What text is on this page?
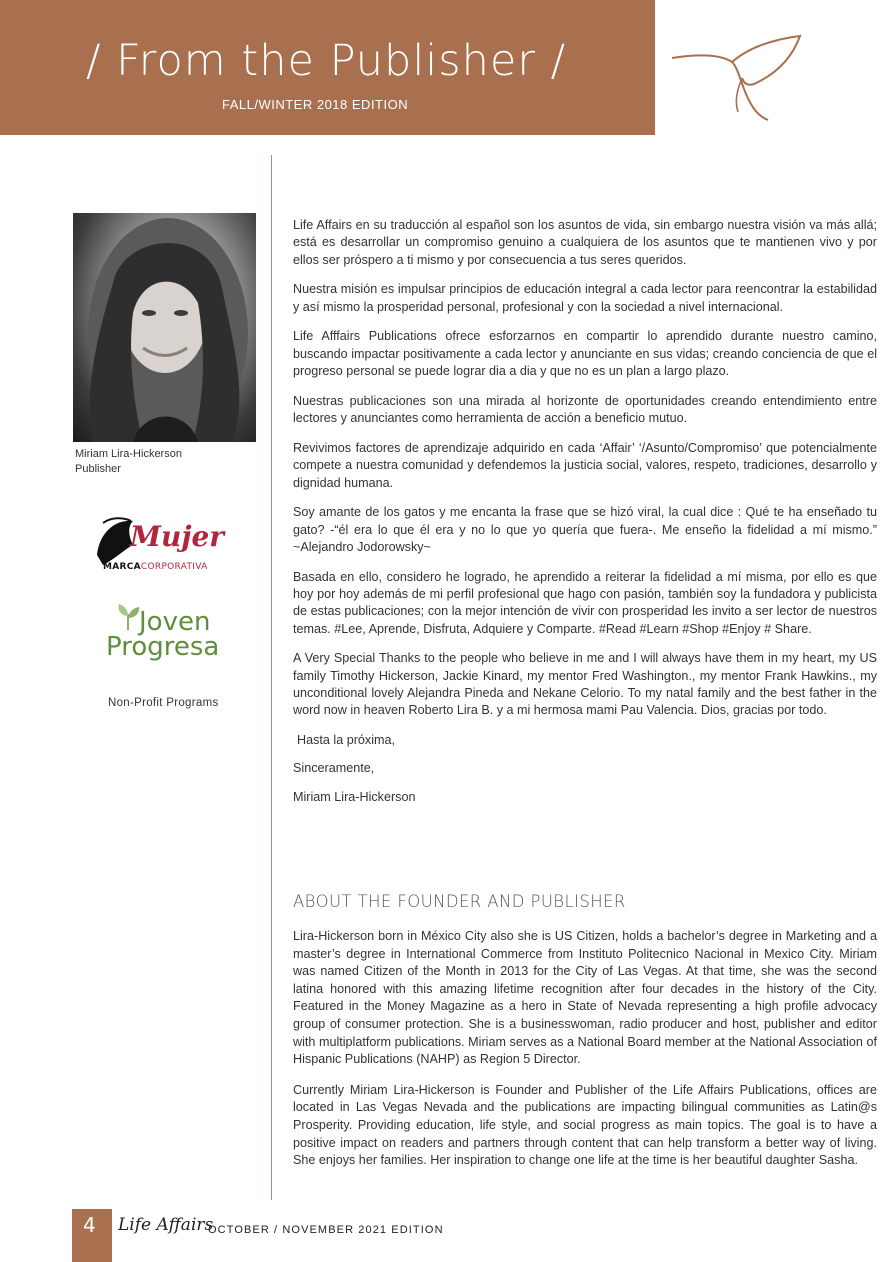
/ From the Publisher /
FALL/WINTER 2018 EDITION
Miriam Lira-Hickerson
Publisher
Mujer
MARCACORPORATIVA
Joven
Progresa
Non-Profit Programs

Life Affairs en su traducción al español son los asuntos de vida, sin embargo nuestra visión va más allá; está es desarrollar un compromiso genuino a cualquiera de los asuntos que te mantienen vivo y por ellos ser próspero a ti mismo y por consecuencia a tus seres queridos.

Nuestra misión es impulsar principios de educación integral a cada lector para reencontrar la estabilidad y así mismo la prosperidad personal, profesional y con la sociedad a nivel internacional.

Life Afffairs Publications ofrece esforzarnos en compartir lo aprendido durante nuestro camino, buscando impactar positivamente a cada lector y anunciante en sus vidas; creando conciencia de que el progreso personal se puede lograr dia a dia y que no es un plan a largo plazo.

Nuestras publicaciones son una mirada al horizonte de oportunidades creando entendimiento entre lectores y anunciantes como herramienta de acción a beneficio mutuo.

Revivimos factores de aprendizaje adquirido en cada ‘Affair’ ‘/Asunto/Compromiso’ que potencialmente compete a nuestra comunidad y defendemos la justicia social, valores, respeto, tradiciones, desarrollo y dignidad humana.

Soy amante de los gatos y me encanta la frase que se hizó viral, la cual dice : Qué te ha enseñado tu gato? -“él era lo que él era y no lo que yo quería que fuera-. Me enseño la fidelidad a mí mismo.” ~Alejandro Jodorowsky~

Basada en ello, considero he logrado, he aprendido a reiterar la fidelidad a mí misma, por ello es que hoy por hoy además de mi perfil profesional que hago con pasión, también soy la fundadora y publicista de estas publicaciones; con la mejor intención de vivir con prosperidad les invito a ser lector de nuestros temas. #Lee, Aprende, Disfruta, Adquiere y Comparte. #Read #Learn #Shop #Enjoy # Share.

A Very Special Thanks to the people who believe in me and I will always have them in my heart, my US family Timothy Hickerson, Jackie Kinard, my mentor Fred Washington., my mentor Frank Hawkins., my unconditional lovely Alejandra Pineda and Nekane Celorio. To my natal family and the best father in the word now in heaven Roberto Lira B. y a mi hermosa mami Pau Valencia. Dios, gracias por todo.

Hasta la próxima,

Sinceramente,

Miriam Lira-Hickerson

ABOUT THE FOUNDER AND PUBLISHER

Lira-Hickerson born in México City also she is US Citizen, holds a bachelor’s degree in Marketing and a master’s degree in International Commerce from Instituto Politecnico Nacional in Mexico City. Miriam was named Citizen of the Month in 2013 for the City of Las Vegas. At that time, she was the second latina honored with this amazing lifetime recognition after four decades in the history of the City. Featured in the Money Magazine as a hero in State of Nevada representing a high profile advocacy group of consumer protection. She is a businesswoman, radio producer and host, publisher and editor with multiplatform publications. Miriam serves as a National Board member at the National Association of Hispanic Publications (NAHP) as Region 5 Director.

Currently Miriam Lira-Hickerson is Founder and Publisher of the Life Affairs Publications, offices are located in Las Vegas Nevada and the publications are impacting bilingual communities as Latin@s Prosperity. Providing education, life style, and social progress as main topics. The goal is to have a positive impact on readers and partners through content that can help transform a better way of living. She enjoys her families. Her inspiration to change one life at the time is her beautiful daughter Sasha.

4 Life Affairs
OCTOBER / NOVEMBER 2021 EDITION
